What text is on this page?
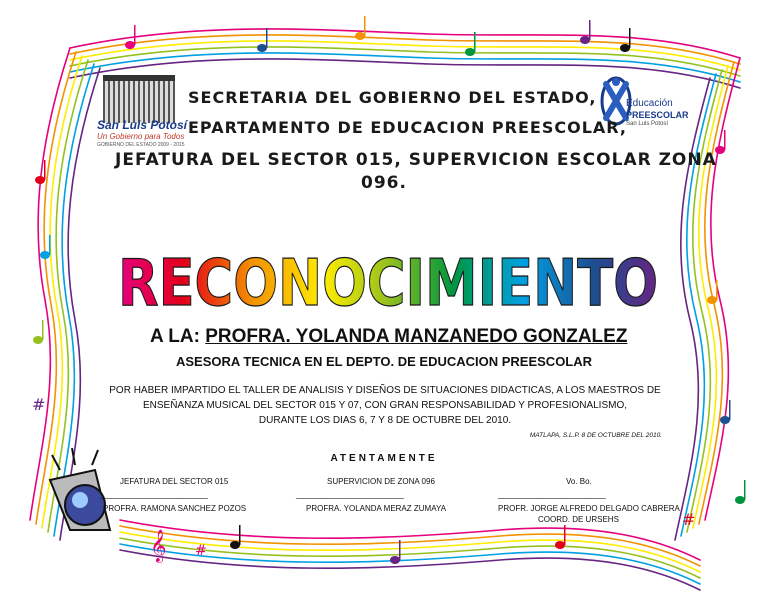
#
#
#
𝄞
RECONOCIMIENTO
San Luis Potosí
Un Gobierno para Todos
GOBIERNO DEL ESTADO 2009 - 2015
Educación
PREESCOLAR
San Luis Potosí
SECRETARIA DEL GOBIERNO DEL ESTADO,
EPARTAMENTO DE EDUCACION PREESCOLAR,
JEFATURA DEL SECTOR 015, SUPERVICION ESCOLAR ZONA
096.
A LA: PROFRA. YOLANDA MANZANEDO GONZALEZ
ASESORA TECNICA EN EL DEPTO. DE EDUCACION PREESCOLAR
POR HABER IMPARTIDO EL TALLER DE ANALISIS Y DISEÑOS DE SITUACIONES DIDACTICAS, A LOS MAESTROS DE
ENSEÑANZA MUSICAL DEL SECTOR 015 Y 07, CON GRAN RESPONSABILIDAD Y PROFESIONALISMO,
DURANTE LOS DIAS 6, 7 Y 8 DE OCTUBRE DEL 2010.
MATLAPA, S.L.P. 8 DE OCTUBRE DEL 2010.
ATENTAMENTE
JEFATURA DEL SECTOR 015
_______________________________
PROFRA. RAMONA SANCHEZ POZOS
SUPERVICION DE ZONA 096
_______________________________
PROFRA. YOLANDA MERAZ ZUMAYA
Vo. Bo.
_______________________________
PROFR. JORGE ALFREDO DELGADO CABRERA
COORD. DE URSEHS
